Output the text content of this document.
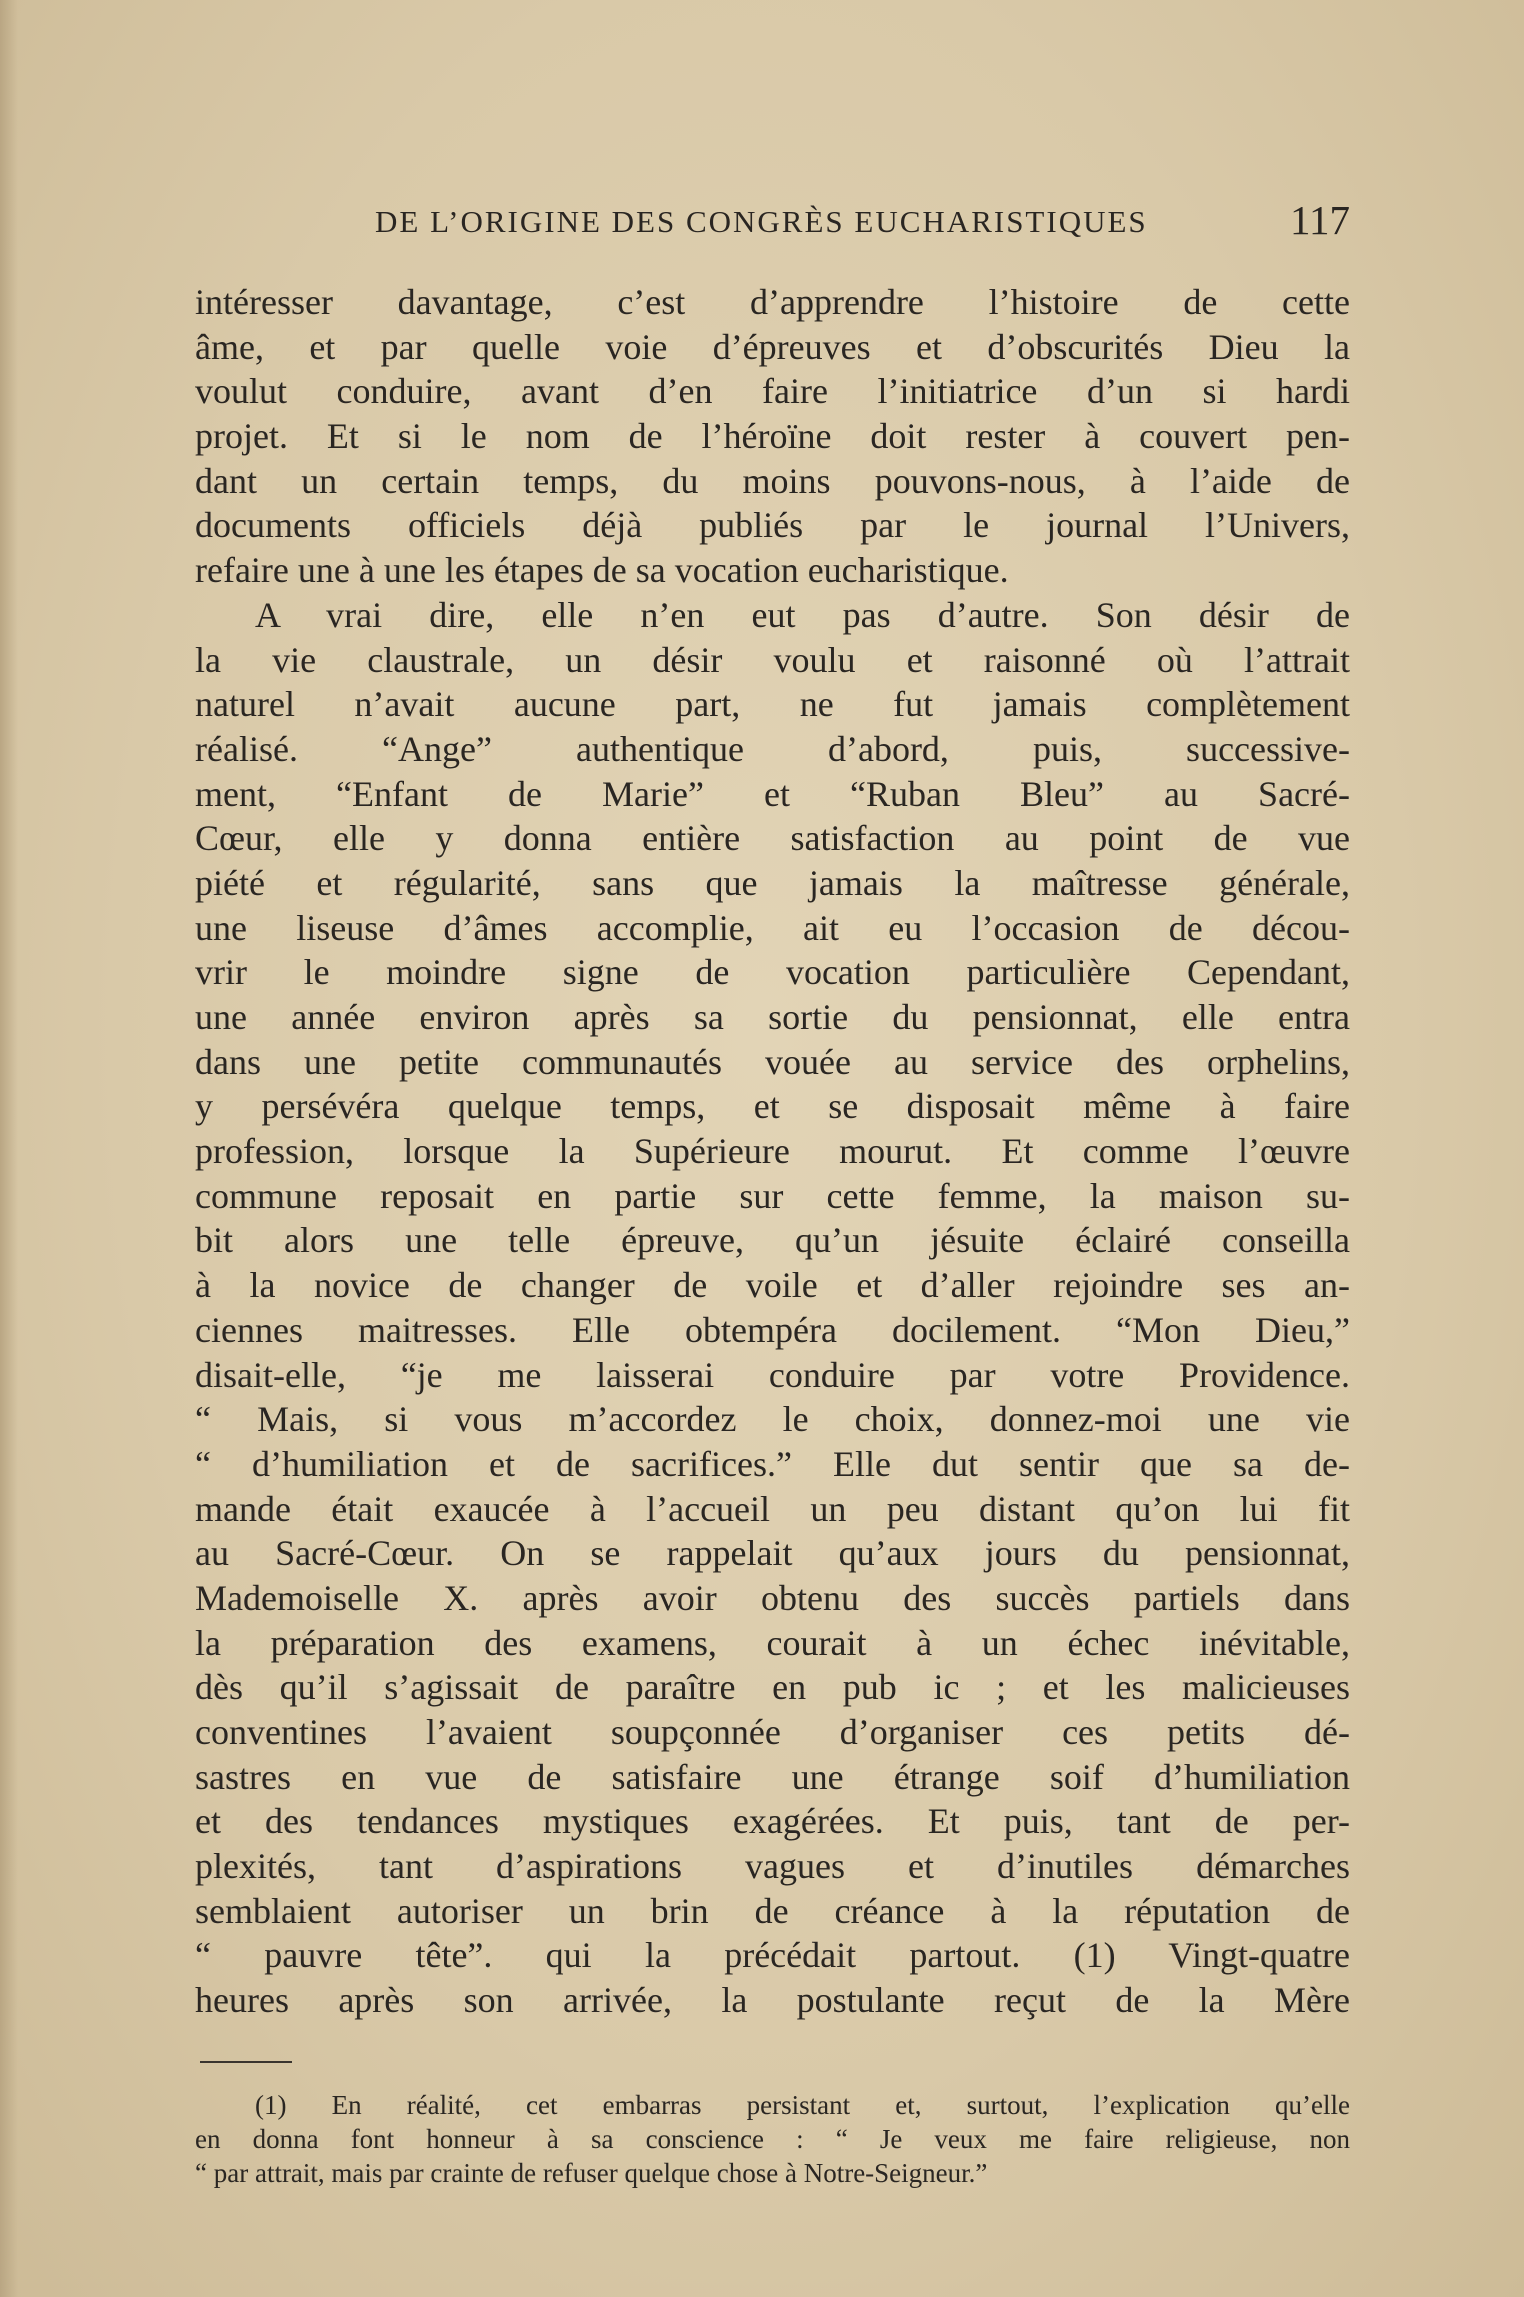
DE L’ORIGINE DES CONGRÈS EUCHARISTIQUES	117
intéresser davantage, c’est d’apprendre l’histoire de cette
âme, et par quelle voie d’épreuves et d’obscurités Dieu la
voulut conduire, avant d’en faire l’initiatrice d’un si hardi
projet. Et si le nom de l’héroïne doit rester à couvert pen-
dant un certain temps, du moins pouvons-nous, à l’aide de
documents officiels déjà publiés par le journal l’Univers,
refaire une à une les étapes de sa vocation eucharistique.
A vrai dire, elle n’en eut pas d’autre. Son désir de
la vie claustrale, un désir voulu et raisonné où l’attrait
naturel n’avait aucune part, ne fut jamais complètement
réalisé. “Ange” authentique d’abord, puis, successive-
ment, “Enfant de Marie” et “Ruban Bleu” au Sacré-
Cœur, elle y donna entière satisfaction au point de vue
piété et régularité, sans que jamais la maîtresse générale,
une liseuse d’âmes accomplie, ait eu l’occasion de décou-
vrir le moindre signe de vocation particulière Cependant,
une année environ après sa sortie du pensionnat, elle entra
dans une petite communautés vouée au service des orphelins,
y persévéra quelque temps, et se disposait même à faire
profession, lorsque la Supérieure mourut. Et comme l’œuvre
commune reposait en partie sur cette femme, la maison su-
bit alors une telle épreuve, qu’un jésuite éclairé conseilla
à la novice de changer de voile et d’aller rejoindre ses an-
ciennes maitresses. Elle obtempéra docilement. “Mon Dieu,”
disait-elle, “je me laisserai conduire par votre Providence.
“ Mais, si vous m’accordez le choix, donnez-moi une vie
“ d’humiliation et de sacrifices.” Elle dut sentir que sa de-
mande était exaucée à l’accueil un peu distant qu’on lui fit
au Sacré-Cœur. On se rappelait qu’aux jours du pensionnat,
Mademoiselle X. après avoir obtenu des succès partiels dans
la préparation des examens, courait à un échec inévitable,
dès qu’il s’agissait de paraître en pub ic ; et les malicieuses
conventines l’avaient soupçonnée d’organiser ces petits dé-
sastres en vue de satisfaire une étrange soif d’humiliation
et des tendances mystiques exagérées. Et puis, tant de per-
plexités, tant d’aspirations vagues et d’inutiles démarches
semblaient autoriser un brin de créance à la réputation de
“ pauvre tête”. qui la précédait partout. (1) Vingt-quatre
heures après son arrivée, la postulante reçut de la Mère
(1) En réalité, cet embarras persistant et, surtout, l’explication qu’elle
en donna font honneur à sa conscience : “ Je veux me faire religieuse, non
“ par attrait, mais par crainte de refuser quelque chose à Notre-Seigneur.”
